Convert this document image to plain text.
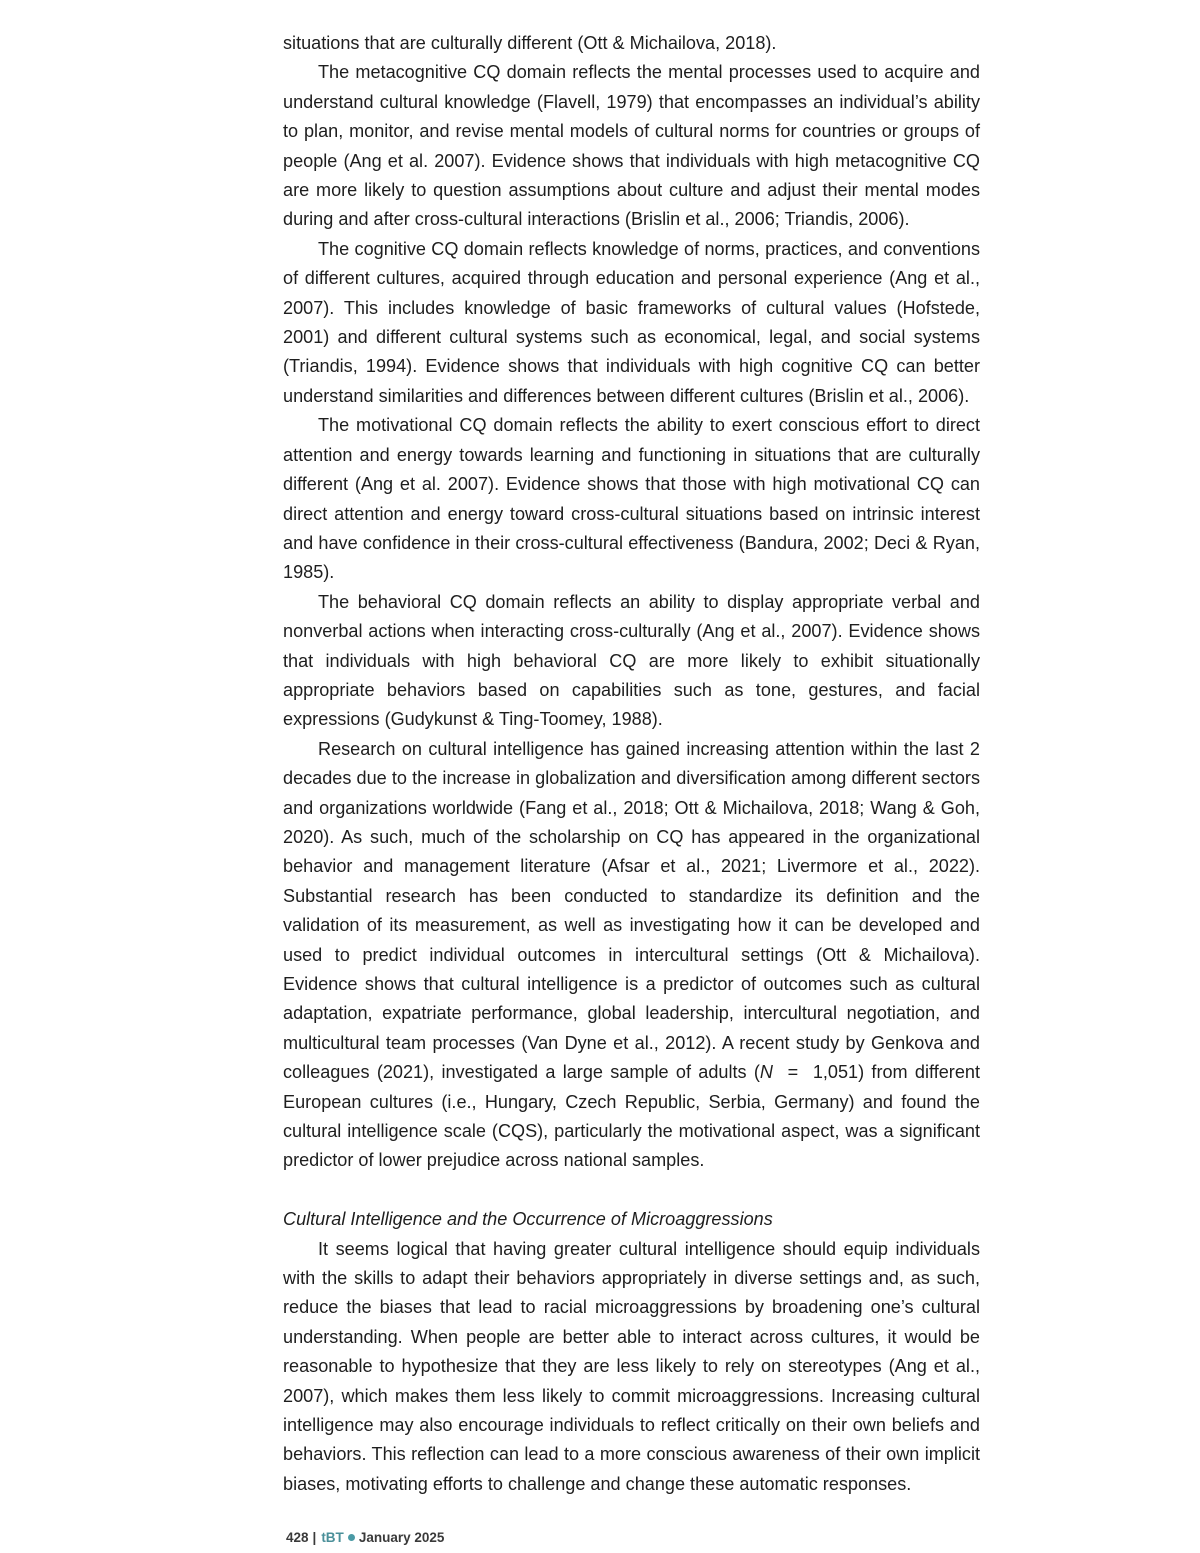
situations that are culturally different (Ott & Michailova, 2018).

The metacognitive CQ domain reflects the mental processes used to acquire and understand cultural knowledge (Flavell, 1979) that encompasses an individual’s ability to plan, monitor, and revise mental models of cultural norms for countries or groups of people (Ang et al. 2007). Evidence shows that individuals with high metacognitive CQ are more likely to question assumptions about culture and adjust their mental modes during and after cross-cultural interactions (Brislin et al., 2006; Triandis, 2006).

The cognitive CQ domain reflects knowledge of norms, practices, and conventions of different cultures, acquired through education and personal experience (Ang et al., 2007). This includes knowledge of basic frameworks of cultural values (Hofstede, 2001) and different cultural systems such as economical, legal, and social systems (Triandis, 1994). Evidence shows that individuals with high cognitive CQ can better understand similarities and differences between different cultures (Brislin et al., 2006).

The motivational CQ domain reflects the ability to exert conscious effort to direct attention and energy towards learning and functioning in situations that are culturally different (Ang et al. 2007). Evidence shows that those with high motivational CQ can direct attention and energy toward cross-cultural situations based on intrinsic interest and have confidence in their cross-cultural effectiveness (Bandura, 2002; Deci & Ryan, 1985).

The behavioral CQ domain reflects an ability to display appropriate verbal and nonverbal actions when interacting cross-culturally (Ang et al., 2007). Evidence shows that individuals with high behavioral CQ are more likely to exhibit situationally appropriate behaviors based on capabilities such as tone, gestures, and facial expressions (Gudykunst & Ting-Toomey, 1988).

Research on cultural intelligence has gained increasing attention within the last 2 decades due to the increase in globalization and diversification among different sectors and organizations worldwide (Fang et al., 2018; Ott & Michailova, 2018; Wang & Goh, 2020). As such, much of the scholarship on CQ has appeared in the organizational behavior and management literature (Afsar et al., 2021; Livermore et al., 2022). Substantial research has been conducted to standardize its definition and the validation of its measurement, as well as investigating how it can be developed and used to predict individual outcomes in intercultural settings (Ott & Michailova). Evidence shows that cultural intelligence is a predictor of outcomes such as cultural adaptation, expatriate performance, global leadership, intercultural negotiation, and multicultural team processes (Van Dyne et al., 2012). A recent study by Genkova and colleagues (2021), investigated a large sample of adults (N  =  1,051) from different European cultures (i.e., Hungary, Czech Republic, Serbia, Germany) and found the cultural intelligence scale (CQS), particularly the motivational aspect, was a significant predictor of lower prejudice across national samples.

Cultural Intelligence and the Occurrence of Microaggressions

It seems logical that having greater cultural intelligence should equip individuals with the skills to adapt their behaviors appropriately in diverse settings and, as such, reduce the biases that lead to racial microaggressions by broadening one’s cultural understanding. When people are better able to interact across cultures, it would be reasonable to hypothesize that they are less likely to rely on stereotypes (Ang et al., 2007), which makes them less likely to commit microaggressions. Increasing cultural intelligence may also encourage individuals to reflect critically on their own beliefs and behaviors. This reflection can lead to a more conscious awareness of their own implicit biases, motivating efforts to challenge and change these automatic responses.

428 | tBT January 2025
